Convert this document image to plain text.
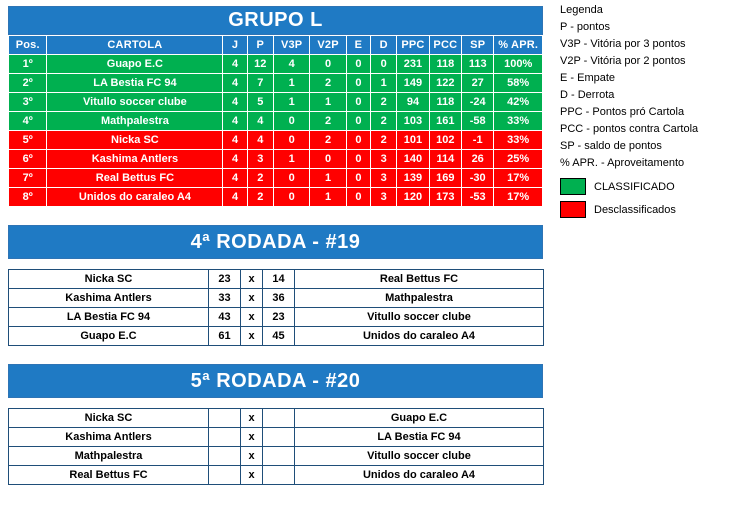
GRUPO L
Pos.	CARTOLA	J	P	V3P	V2P	E	D	PPC	PCC	SP	% APR.
1º	Guapo E.C	4	12	4	0	0	0	231	118	113	100%
2º	LA Bestia FC 94	4	7	1	2	0	1	149	122	27	58%
3º	Vitullo soccer clube	4	5	1	1	0	2	94	118	-24	42%
4º	Mathpalestra	4	4	0	2	0	2	103	161	-58	33%
5º	Nicka SC	4	4	0	2	0	2	101	102	-1	33%
6º	Kashima Antlers	4	3	1	0	0	3	140	114	26	25%
7º	Real Bettus FC	4	2	0	1	0	3	139	169	-30	17%
8º	Unidos do caraleo A4	4	2	0	1	0	3	120	173	-53	17%
4ª RODADA - #19
Nicka SC	23	x	14	Real Bettus FC
Kashima Antlers	33	x	36	Mathpalestra
LA Bestia FC 94	43	x	23	Vitullo soccer clube
Guapo E.C	61	x	45	Unidos do caraleo A4
5ª RODADA - #20
Nicka SC		x		Guapo E.C
Kashima Antlers		x		LA Bestia FC 94
Mathpalestra		x		Vitullo soccer clube
Real Bettus FC		x		Unidos do caraleo A4
Legenda
P - pontos
V3P - Vitória por 3 pontos
V2P - Vitória por 2 pontos
E - Empate
D - Derrota
PPC - Pontos pró Cartola
PCC - pontos contra Cartola
SP - saldo de pontos
% APR. - Aproveitamento
CLASSIFICADO
Desclassificados
